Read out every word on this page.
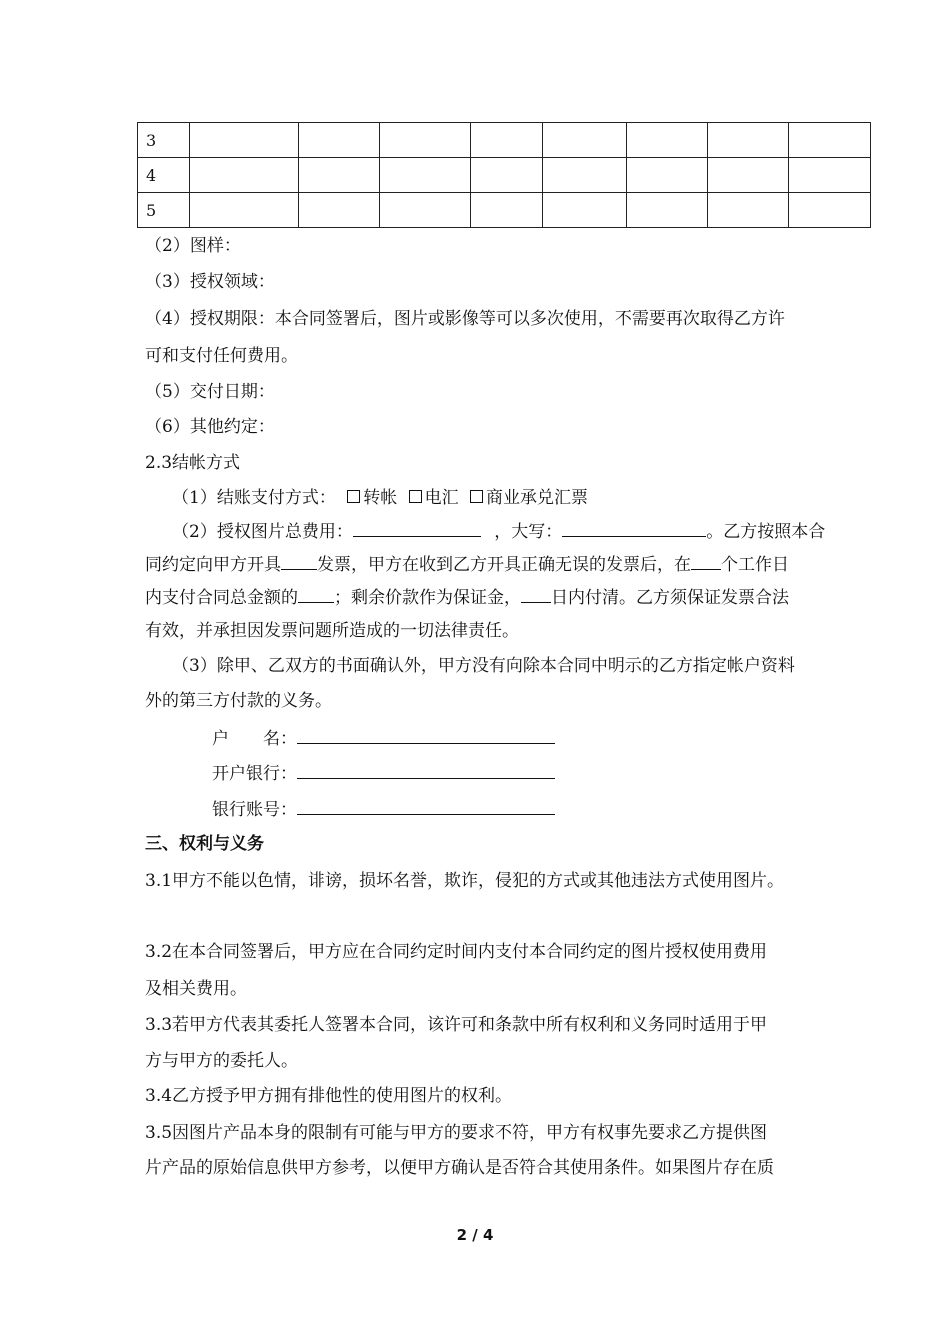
3								
4								
5								
（2）图样：
（3）授权领域：
（4）授权期限：本合同签署后，图片或影像等可以多次使用，不需要再次取得乙方许
可和支付任何费用。
（5）交付日期：
（6）其他约定：
2.3结帐方式
（1）结账支付方式： 转帐 电汇 商业承兑汇票
（2）授权图片总费用：	，大写：	。乙方按照本合
同约定向甲方开具 发票，甲方在收到乙方开具正确无误的发票后，在 个工作日
内支付合同总金额的 ；剩余价款作为保证金， 日内付清。乙方须保证发票合法
有效，并承担因发票问题所造成的一切法律责任。
（3）除甲、乙双方的书面确认外，甲方没有向除本合同中明示的乙方指定帐户资料
外的第三方付款的义务。
户　　名：
开户银行：
银行账号：
三、权利与义务
3.1甲方不能以色情，诽谤，损坏名誉，欺诈，侵犯的方式或其他违法方式使用图片。
3.2在本合同签署后，甲方应在合同约定时间内支付本合同约定的图片授权使用费用
及相关费用。
3.3若甲方代表其委托人签署本合同，该许可和条款中所有权利和义务同时适用于甲
方与甲方的委托人。
3.4乙方授予甲方拥有排他性的使用图片的权利。
3.5因图片产品本身的限制有可能与甲方的要求不符，甲方有权事先要求乙方提供图
片产品的原始信息供甲方参考，以便甲方确认是否符合其使用条件。如果图片存在质
2 / 4
